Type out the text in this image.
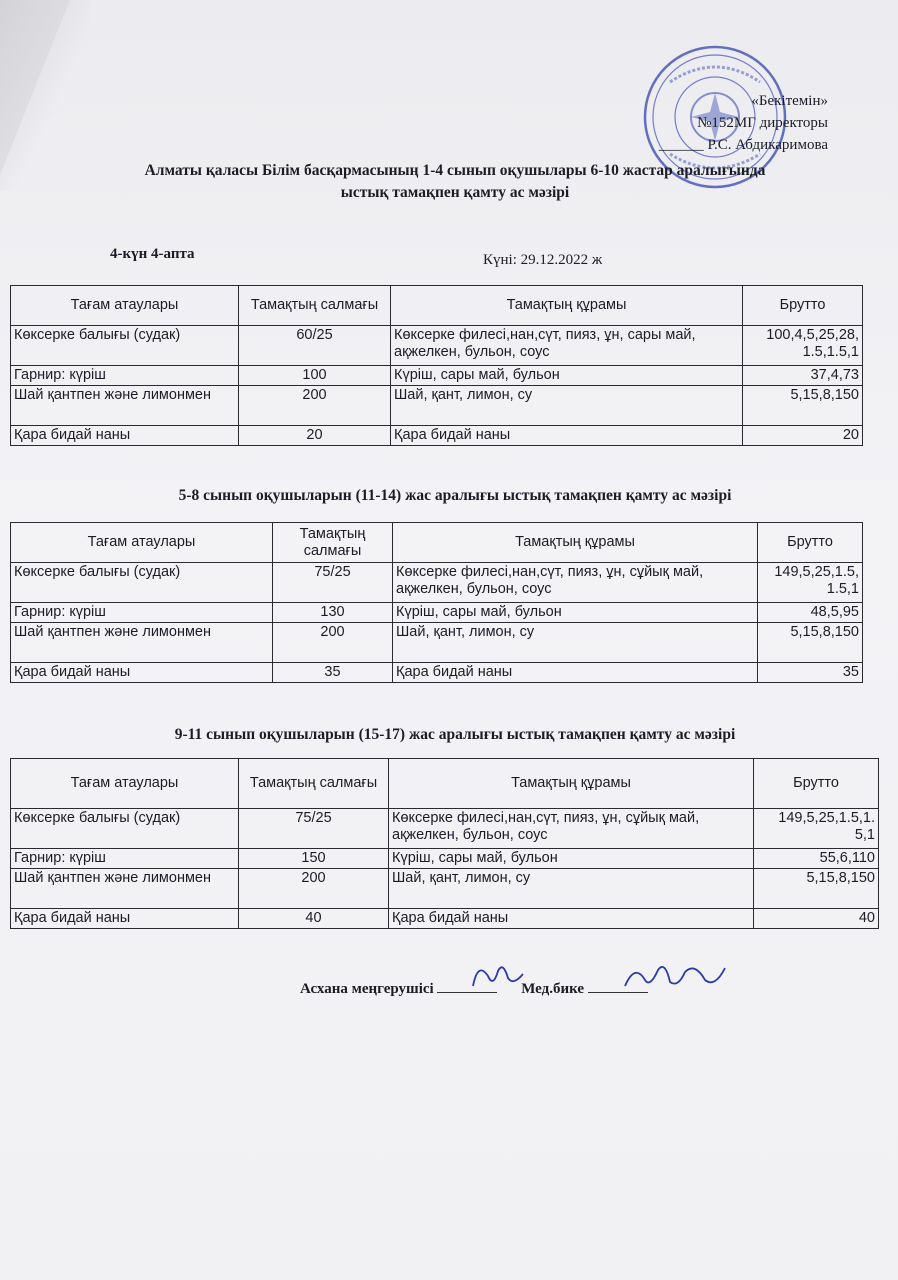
«Бекітемін»
№152МГ директоры
______ Р.С. Абдикаримова
Алматы қаласы Білім басқармасының 1-4 сынып оқушылары 6-10 жастар аралығында
ыстық тамақпен қамту ас мәзірі
4-күн 4-апта	Күні: 29.12.2022 ж
Тағам атаулары	Тамақтың салмағы	Тамақтың құрамы	Брутто
Көксерке балығы (судак)	60/25	Көксерке филесі,нан,сүт, пияз, ұн, сары май, ақжелкен, бульон, соус	100,4,5,25,28, 1.5,1.5,1
Гарнир: күріш	100	Күріш, сары май, бульон	37,4,73
Шай қантпен және лимонмен	200	Шай, қант, лимон, су	5,15,8,150
Қара бидай наны	20	Қара бидай наны	20
5-8 сынып оқушыларын (11-14) жас аралығы ыстық тамақпен қамту ас мәзірі
Тағам атаулары	Тамақтың салмағы	Тамақтың құрамы	Брутто
Көксерке балығы (судак)	75/25	Көксерке филесі,нан,сүт, пияз, ұн, сұйық май, ақжелкен, бульон, соус	149,5,25,1.5, 1.5,1
Гарнир: күріш	130	Күріш, сары май, бульон	48,5,95
Шай қантпен және лимонмен	200	Шай, қант, лимон, су	5,15,8,150
Қара бидай наны	35	Қара бидай наны	35
9-11 сынып оқушыларын (15-17) жас аралығы ыстық тамақпен қамту ас мәзірі
Тағам атаулары	Тамақтың салмағы	Тамақтың құрамы	Брутто
Көксерке балығы (судак)	75/25	Көксерке филесі,нан,сүт, пияз, ұн, сұйық май, ақжелкен, бульон, соус	149,5,25,1.5,1. 5,1
Гарнир: күріш	150	Күріш, сары май, бульон	55,6,110
Шай қантпен және лимонмен	200	Шай, қант, лимон, су	5,15,8,150
Қара бидай наны	40	Қара бидай наны	40
Асхана меңгерушісі	Мед.бике
